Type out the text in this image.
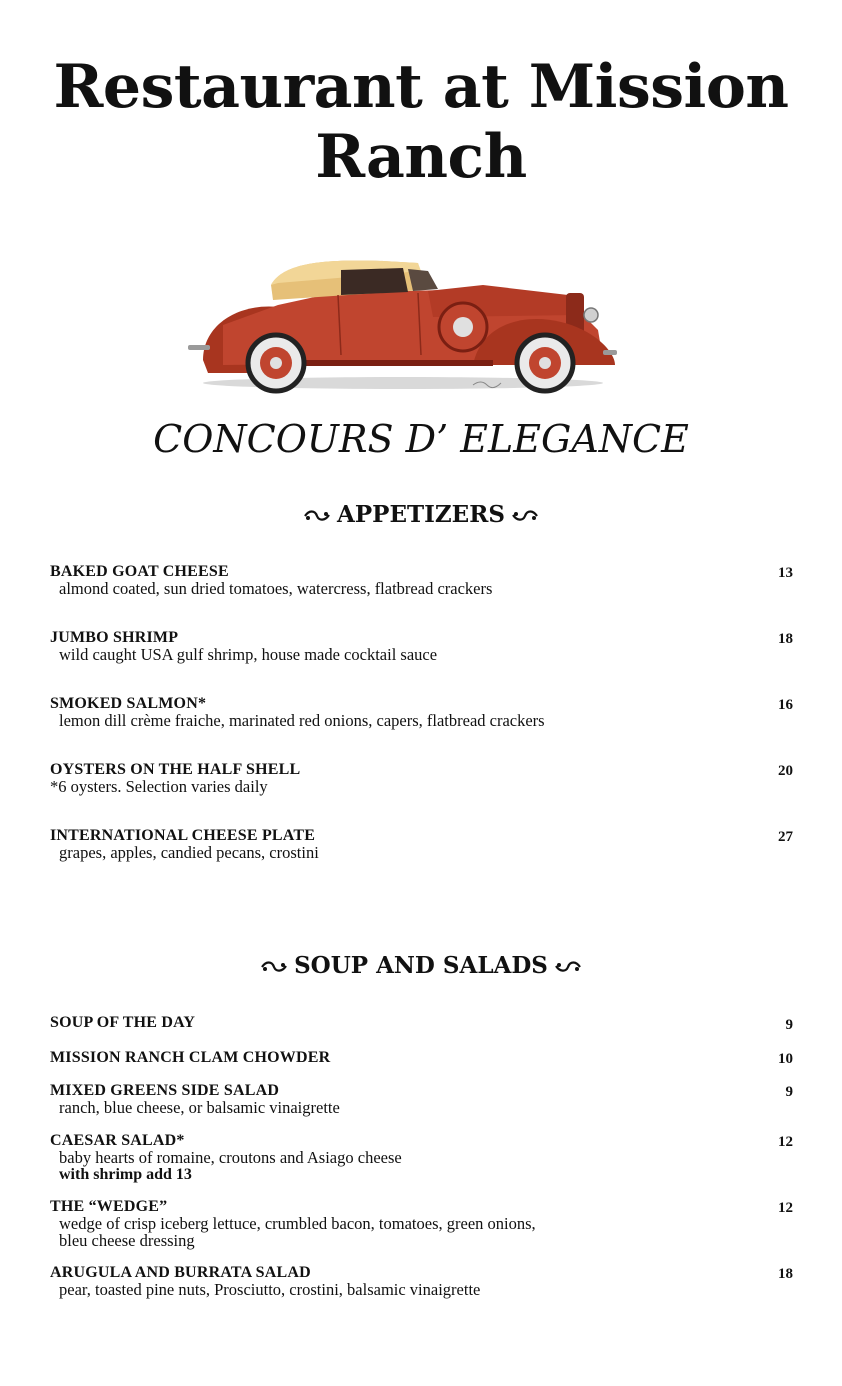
Restaurant at Mission
Ranch
CONCOURS D’ ELEGANCE
APPETIZERS
BAKED GOAT CHEESE
almond coated, sun dried tomatoes, watercress, flatbread crackers
13
JUMBO SHRIMP
wild caught USA gulf shrimp, house made cocktail sauce
18
SMOKED SALMON*
lemon dill crème fraiche, marinated red onions, capers, flatbread crackers
16
OYSTERS ON THE HALF SHELL
*6 oysters. Selection varies daily
20
INTERNATIONAL CHEESE PLATE
grapes, apples, candied pecans, crostini
27
SOUP AND SALADS
SOUP OF THE DAY	9
MISSION RANCH CLAM CHOWDER	10
MIXED GREENS SIDE SALAD
ranch, blue cheese, or balsamic vinaigrette
9
CAESAR SALAD*
baby hearts of romaine, croutons and Asiago cheese
with shrimp add 13
12
THE “WEDGE”
wedge of crisp iceberg lettuce, crumbled bacon, tomatoes, green onions,
bleu cheese dressing
12
ARUGULA AND BURRATA SALAD
pear, toasted pine nuts, Prosciutto, crostini, balsamic vinaigrette
18
